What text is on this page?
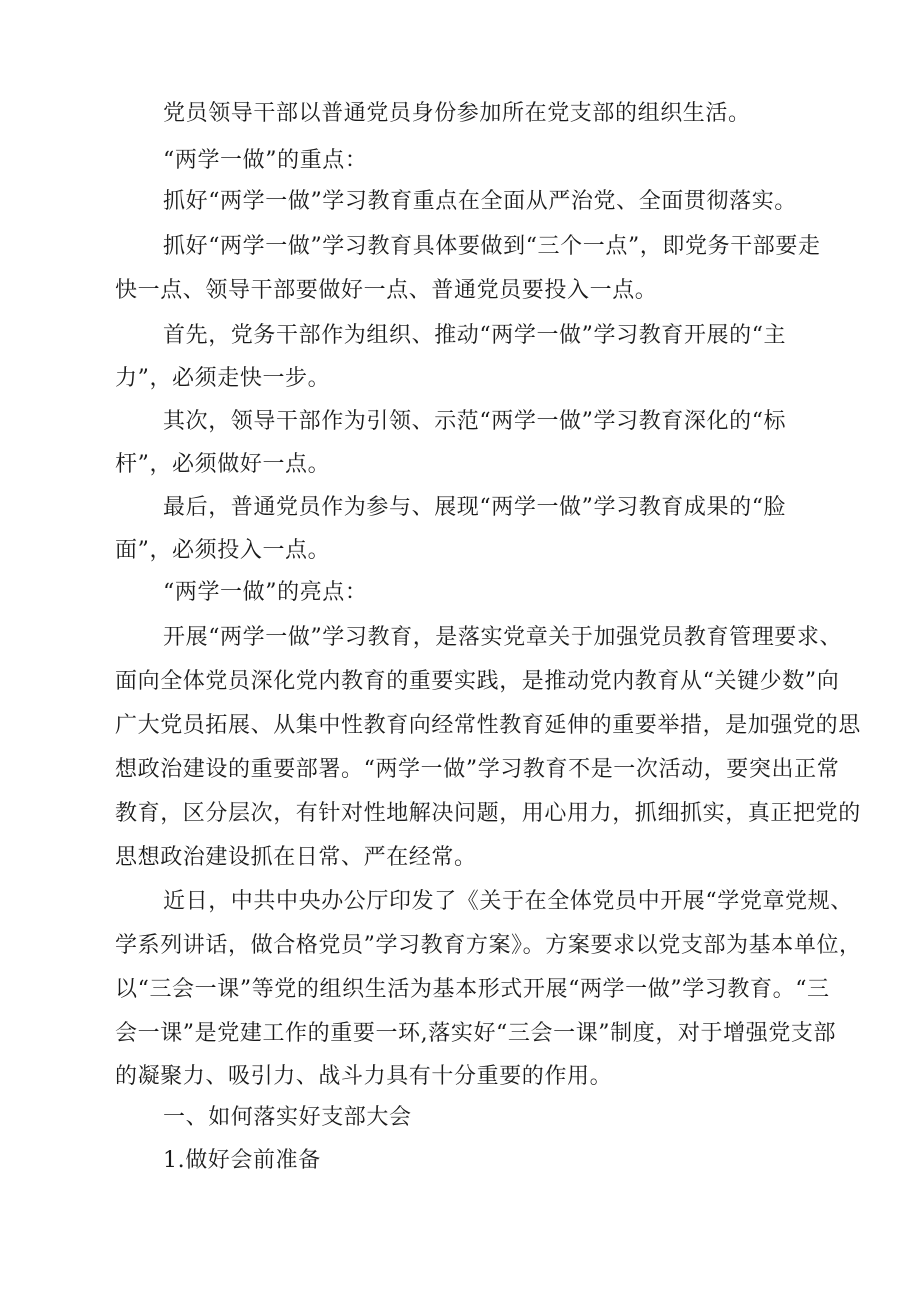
党员领导干部以普通党员身份参加所在党支部的组织生活。
“两学一做”的重点：
抓好“两学一做”学习教育重点在全面从严治党、全面贯彻落实。
抓好“两学一做”学习教育具体要做到“三个一点”，即党务干部要走
快一点、领导干部要做好一点、普通党员要投入一点。
首先，党务干部作为组织、推动“两学一做”学习教育开展的“主
力”，必须走快一步。
其次，领导干部作为引领、示范“两学一做”学习教育深化的“标
杆”，必须做好一点。
最后，普通党员作为参与、展现“两学一做”学习教育成果的“脸
面”，必须投入一点。
“两学一做”的亮点：
开展“两学一做”学习教育，是落实党章关于加强党员教育管理要求、
面向全体党员深化党内教育的重要实践，是推动党内教育从“关键少数”向
广大党员拓展、从集中性教育向经常性教育延伸的重要举措，是加强党的思
想政治建设的重要部署。“两学一做”学习教育不是一次活动，要突出正常
教育，区分层次，有针对性地解决问题，用心用力，抓细抓实，真正把党的
思想政治建设抓在日常、严在经常。
近日，中共中央办公厅印发了《关于在全体党员中开展“学党章党规、
学系列讲话，做合格党员”学习教育方案》。方案要求以党支部为基本单位，
以“三会一课”等党的组织生活为基本形式开展“两学一做”学习教育。“三
会一课”是党建工作的重要一环,落实好“三会一课”制度，对于增强党支部
的凝聚力、吸引力、战斗力具有十分重要的作用。
一、如何落实好支部大会
1.做好会前准备
